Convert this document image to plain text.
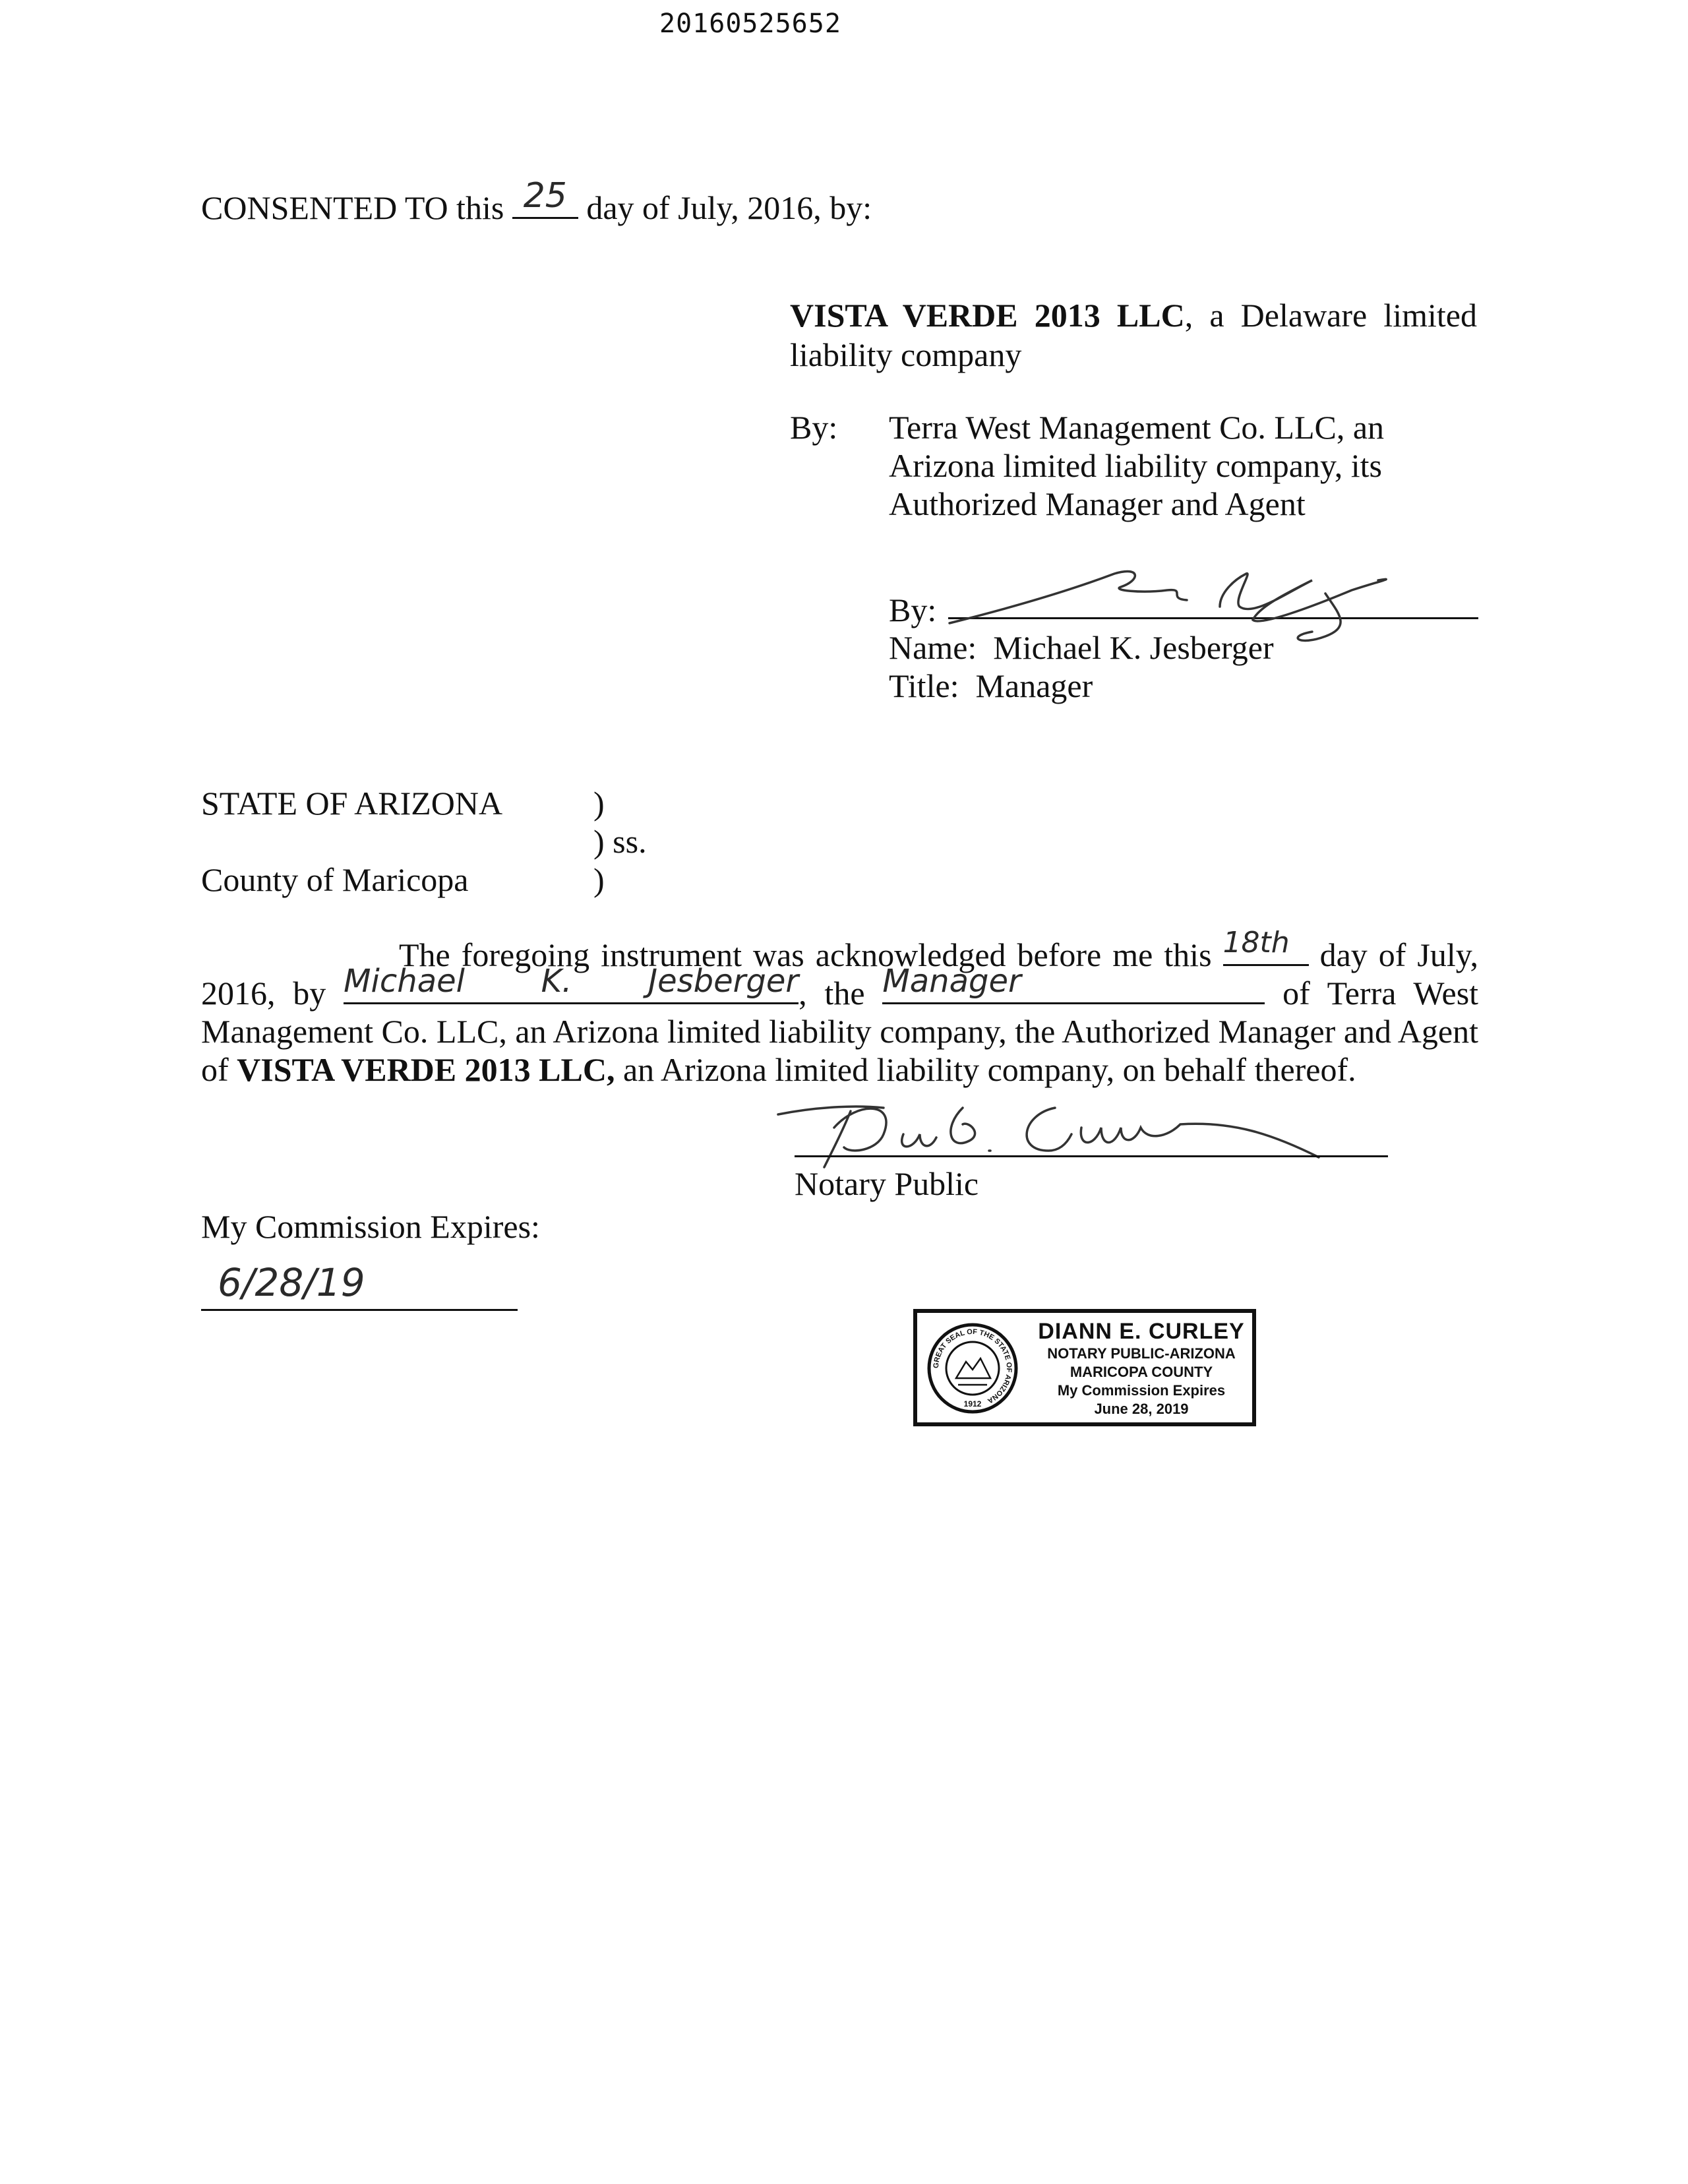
20160525652
CONSENTED TO this 25 day of July, 2016, by:
VISTA VERDE 2013 LLC, a Delaware limited
liability company
By: Terra West Management Co. LLC, an
Arizona limited liability company, its
Authorized Manager and Agent
By:
Name: Michael K. Jesberger
Title: Manager
STATE OF ARIZONA	)
) ss.
County of Maricopa	)
The foregoing instrument was acknowledged before me this 18th day of July,
2016, by Michael K. Jesberger , the Manager	of Terra West
Management Co. LLC, an Arizona limited liability company, the Authorized Manager and Agent
of VISTA VERDE 2013 LLC, an Arizona limited liability company, on behalf thereof.
Notary Public
My Commission Expires:
6/28/19
GREAT SEAL OF THE STATE OF ARIZONA
1912
DIANN E. CURLEY
NOTARY PUBLIC-ARIZONA
MARICOPA COUNTY
My Commission Expires
June 28, 2019
